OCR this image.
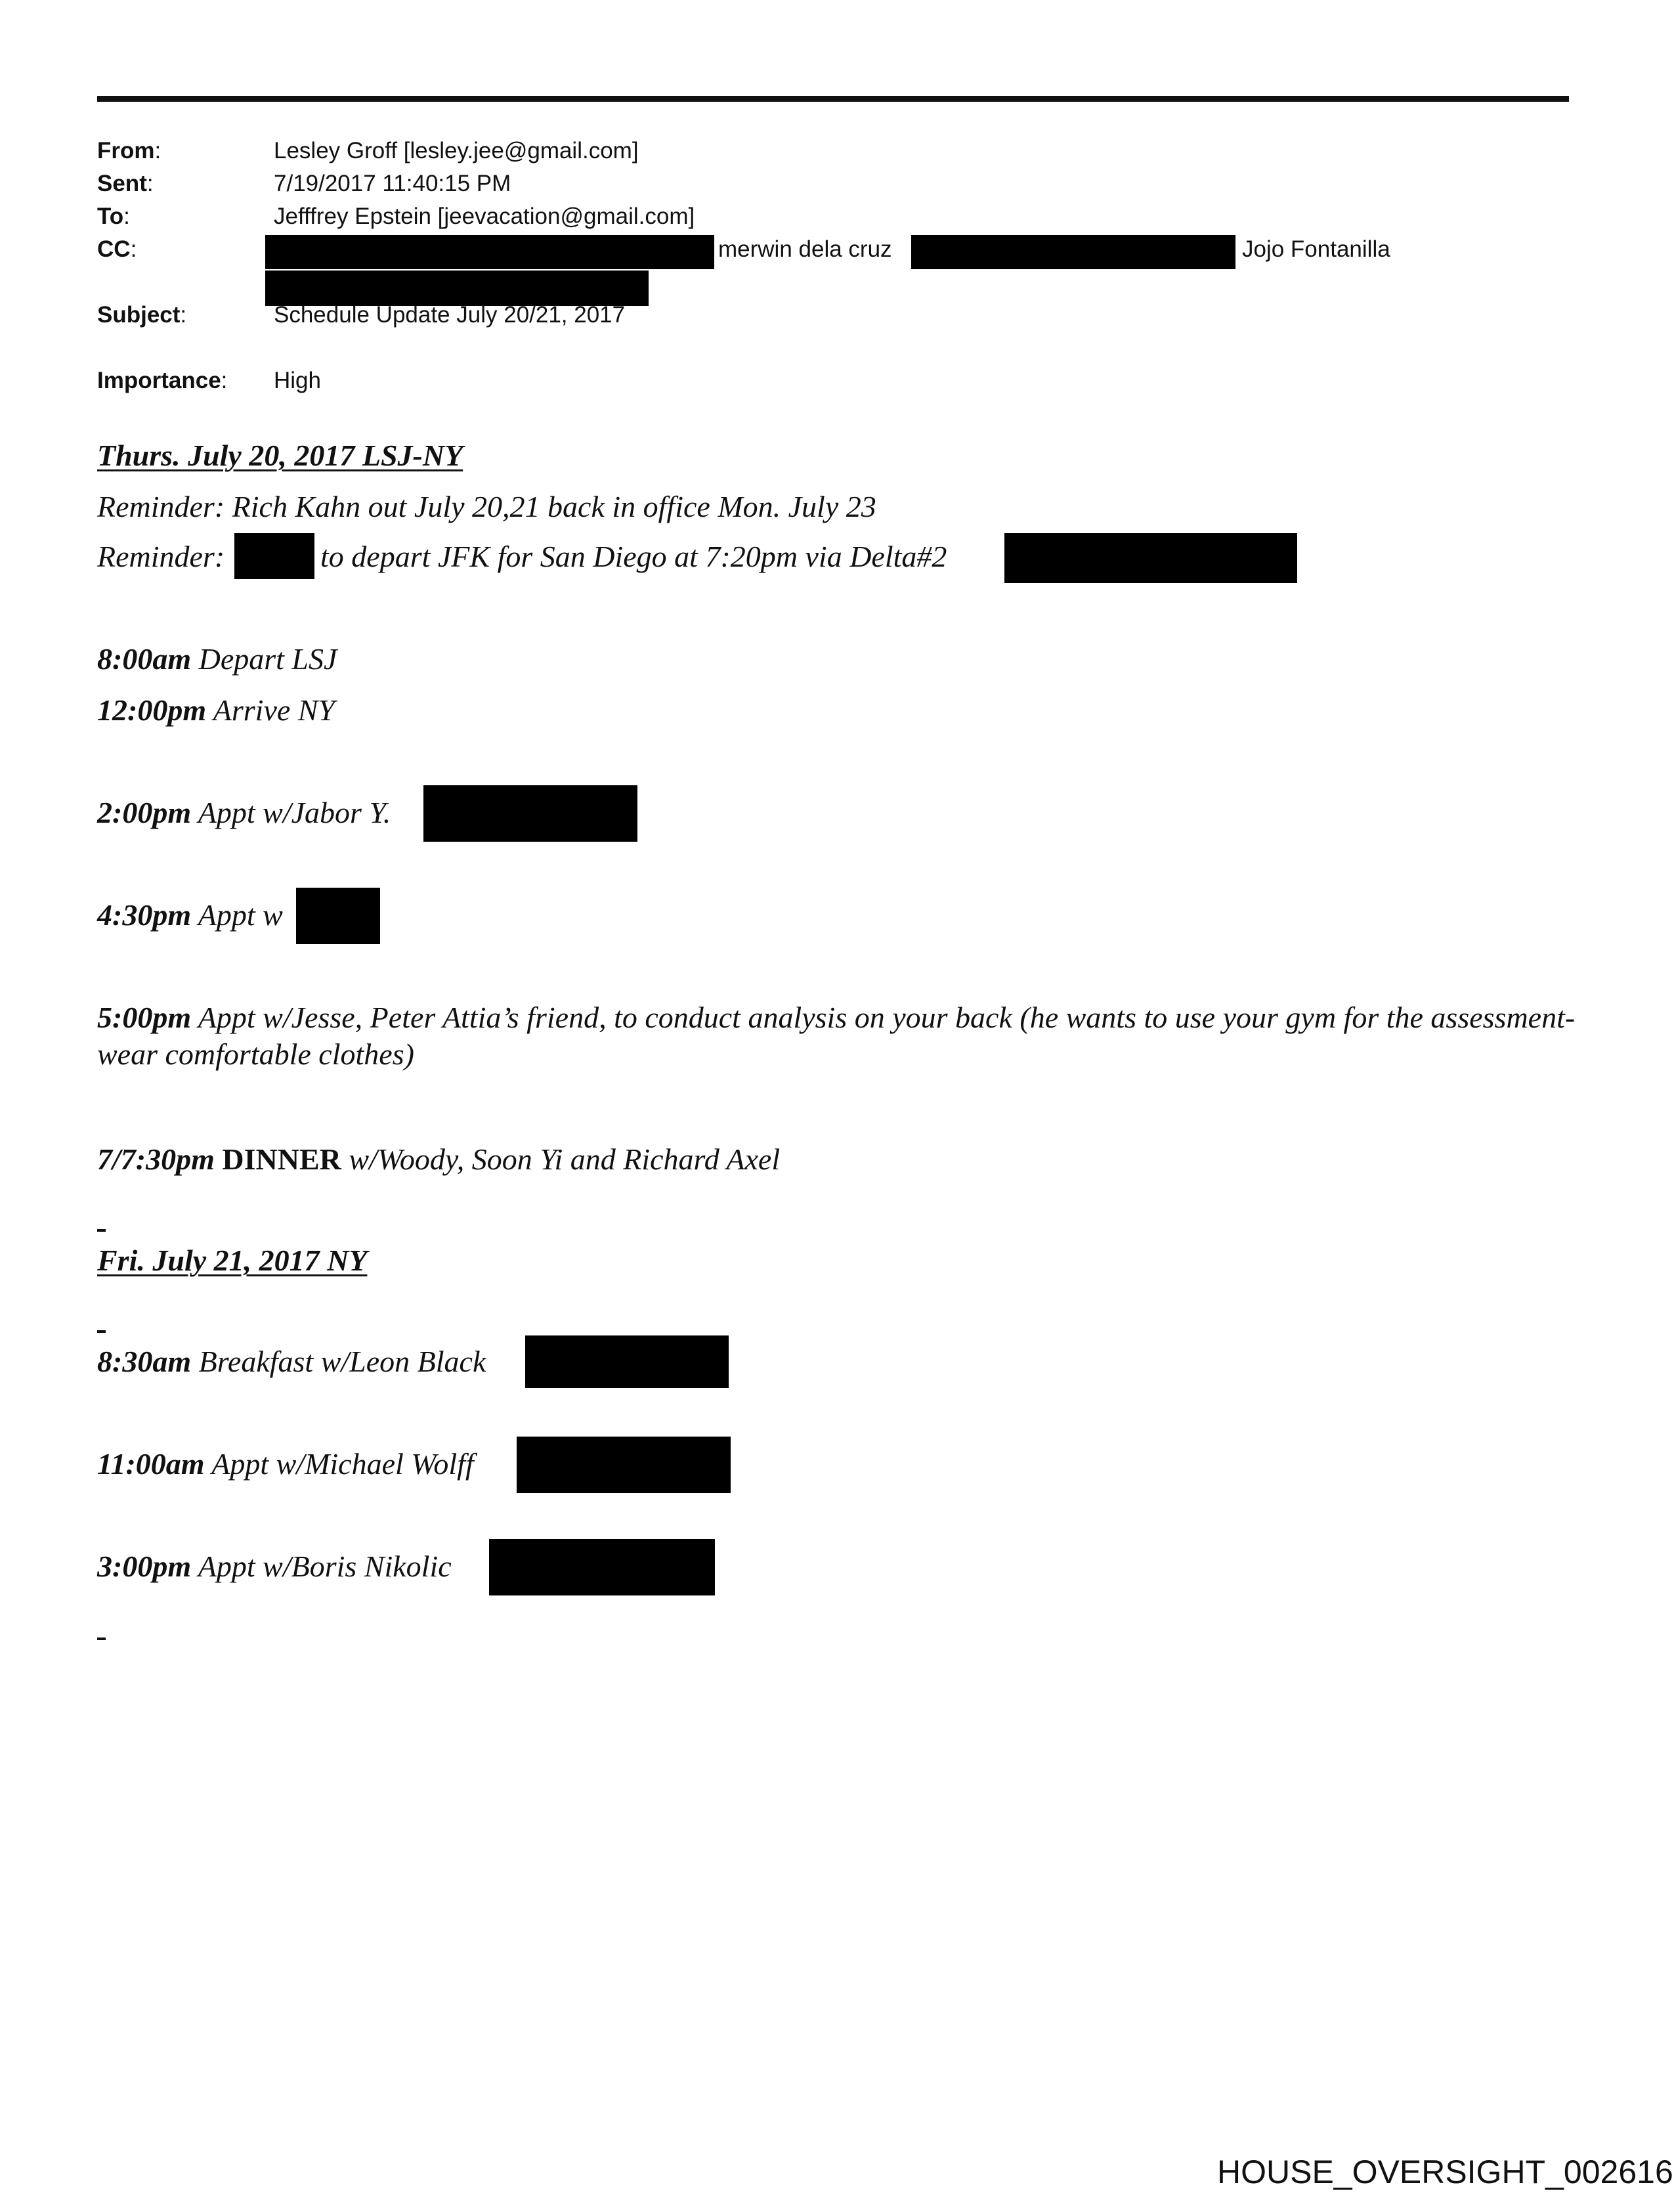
From:	Lesley Groff [lesley.jee@gmail.com]
Sent:	7/19/2017 11:40:15 PM
To:	Jefffrey Epstein [jeevacation@gmail.com]
CC:	merwin dela cruz	Jojo Fontanilla
Subject:	Schedule Update July 20/21, 2017
Importance: High
Thurs. July 20, 2017 LSJ-NY
Reminder: Rich Kahn out July 20,21 back in office Mon. July 23
Reminder:	to depart JFK for San Diego at 7:20pm via Delta#2
8:00am Depart LSJ
12:00pm Arrive NY
2:00pm Appt w/Jabor Y.
4:30pm Appt w
5:00pm Appt w/Jesse, Peter Attia’s friend, to conduct analysis on your back (he wants to use your gym for the assessment-wear comfortable clothes)
7/7:30pm DINNER w/Woody, Soon Yi and Richard Axel
Fri. July 21, 2017 NY
8:30am Breakfast w/Leon Black
11:00am Appt w/Michael Wolff
3:00pm Appt w/Boris Nikolic
HOUSE_OVERSIGHT_002616
